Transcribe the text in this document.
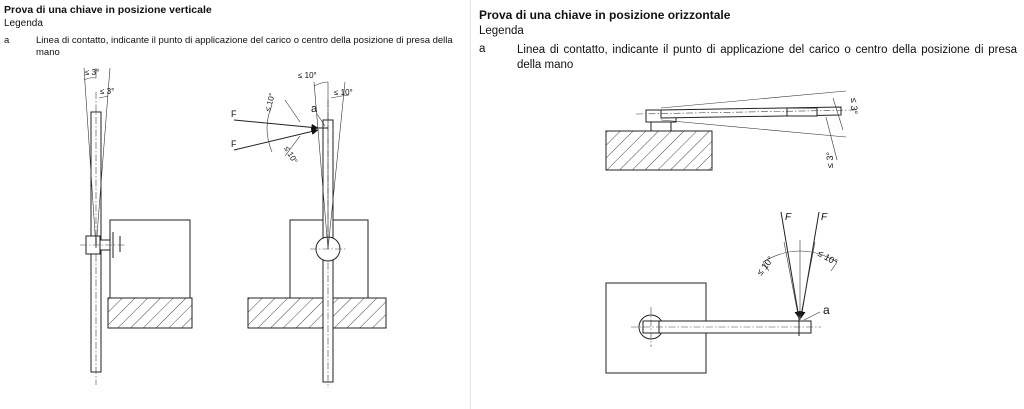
Prova di una chiave in posizione verticale
Legenda
a	Linea di contatto, indicante il punto di applicazione del carico o centro della posizione di presa della mano
≤ 3°
≤ 3°
≤ 10°
≤ 10°
a
F
F
≤ 10°
≤ 10°
Prova di una chiave in posizione orizzontale
Legenda
a	Linea di contatto, indicante il punto di applicazione del carico o centro della posizione di presa della mano
≤ 3°
≤ 3°
a
F	F
≤ 10°	≤ 10°
